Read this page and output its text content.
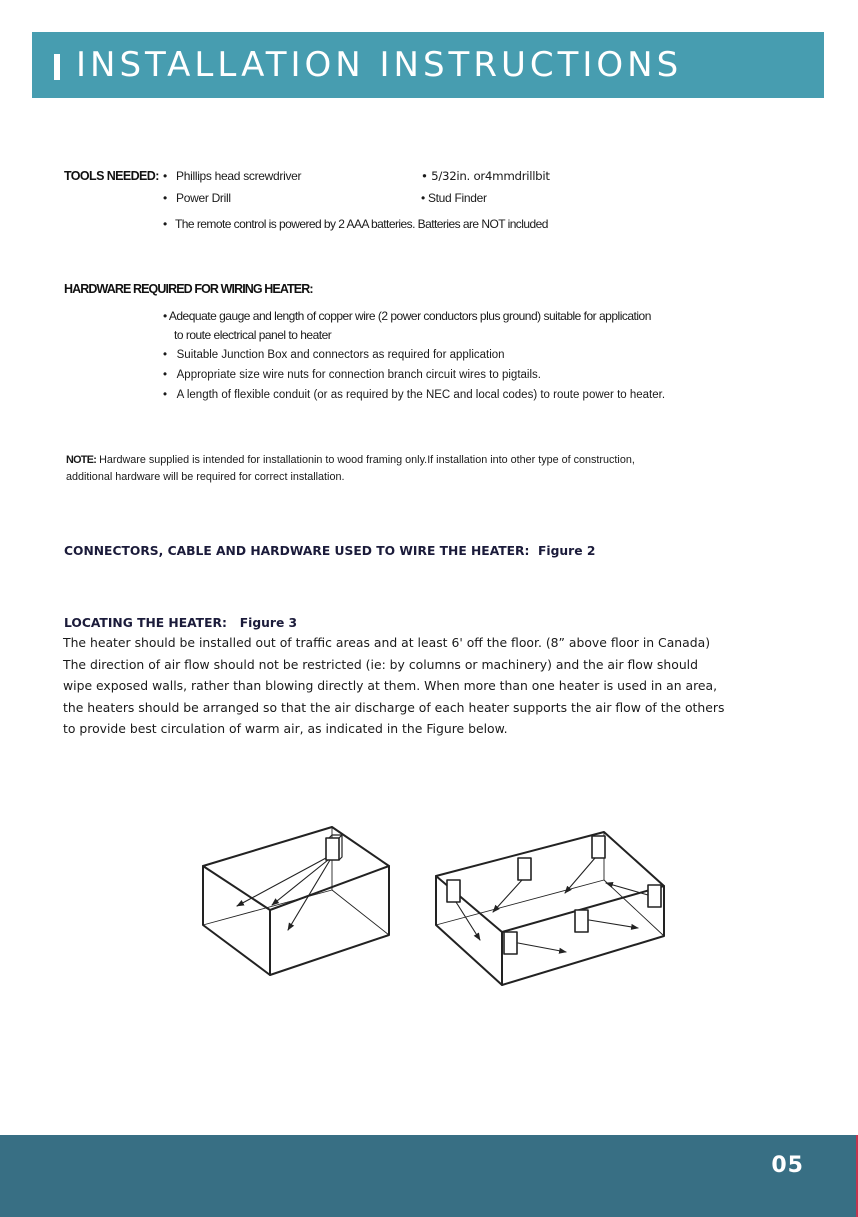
INSTALLATION INSTRUCTIONS
TOOLS NEEDED: •   Phillips head screwdriver
•   Power Drill
• 5/32in. or4mmdrillbit
• Stud Finder
•   The remote control is powered by 2 AAA batteries. Batteries are NOT included
HARDWARE REQUIRED FOR WIRING HEATER:
• Adequate gauge and length of copper wire (2 power conductors plus ground) suitable for application
to route electrical panel to heater
•   Suitable Junction Box and connectors as required for application
•   Appropriate size wire nuts for connection branch circuit wires to pigtails.
•   A length of flexible conduit (or as required by the NEC and local codes) to route power to heater.
NOTE: Hardware supplied is intended for installationin to wood framing only.If installation into other type of construction,
additional hardware will be required for correct installation.
CONNECTORS, CABLE AND HARDWARE USED TO WIRE THE HEATER: Figure 2
LOCATING THE HEATER: Figure 3
The heater should be installed out of traffic areas and at least 6' off the floor. (8” above floor in Canada)
The direction of air flow should not be restricted (ie: by columns or machinery) and the air flow should
wipe exposed walls, rather than blowing directly at them. When more than one heater is used in an area,
the heaters should be arranged so that the air discharge of each heater supports the air flow of the others
to provide best circulation of warm air, as indicated in the Figure below.
05
